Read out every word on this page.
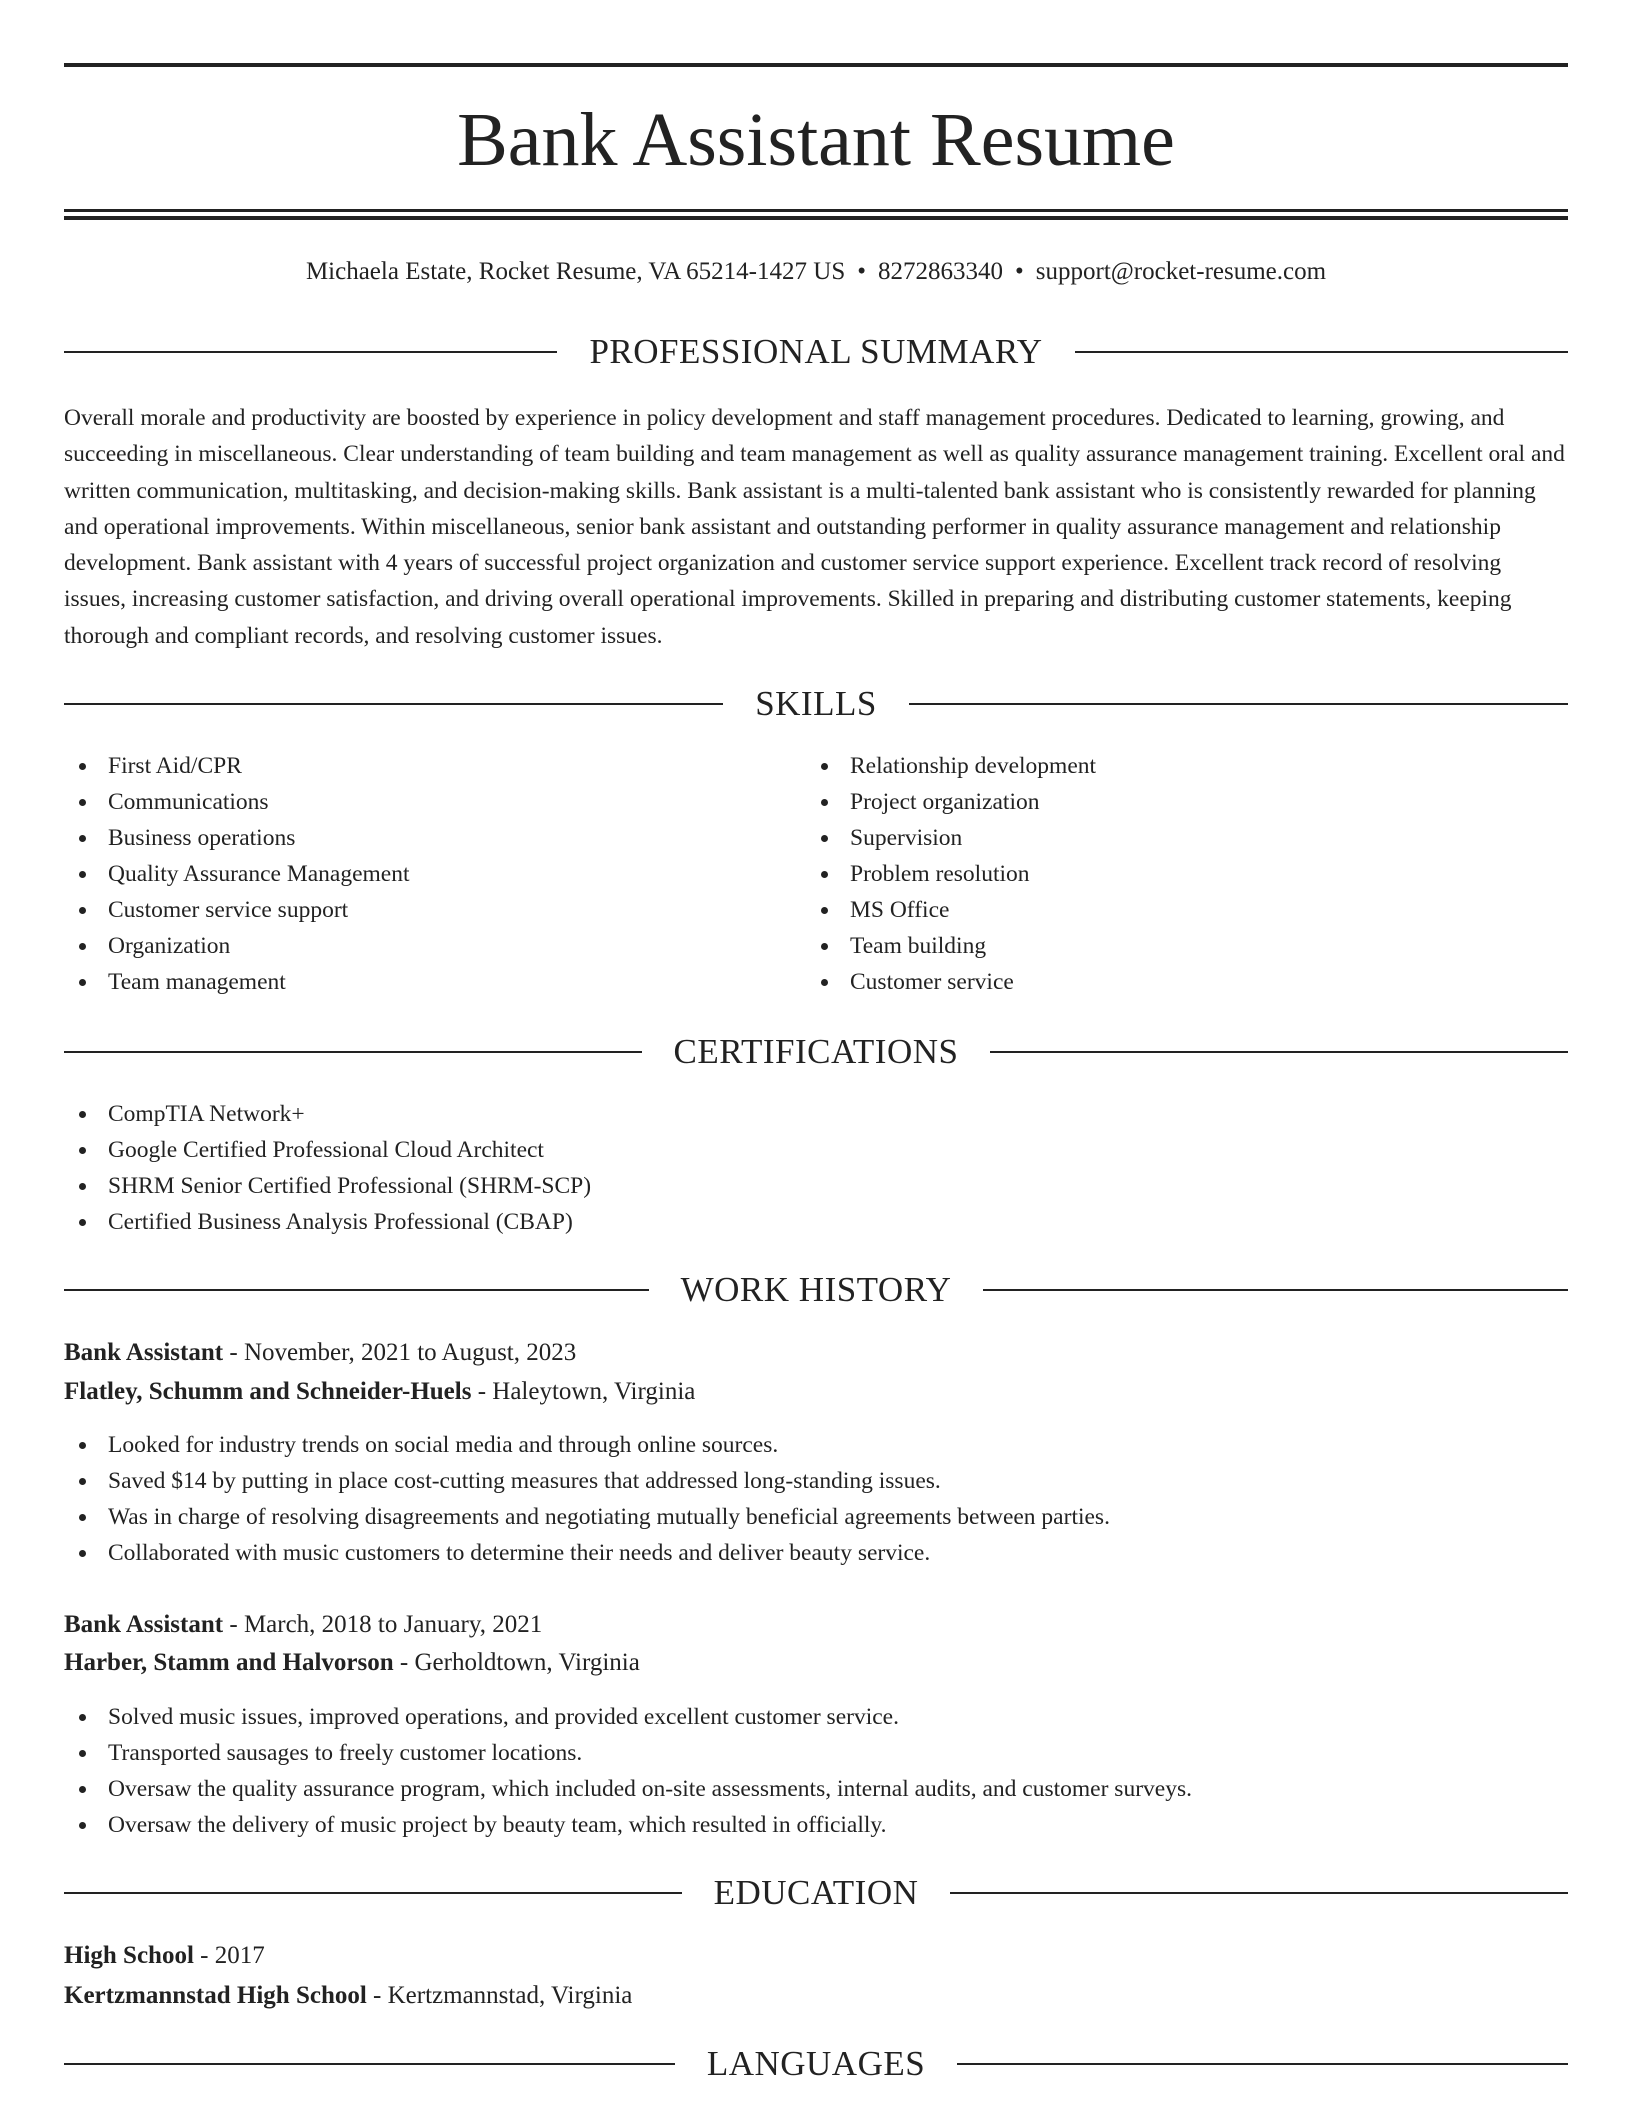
Bank Assistant Resume
Michaela Estate, Rocket Resume, VA 65214-1427 US • 8272863340 • support@rocket-resume.com
PROFESSIONAL SUMMARY

Overall morale and productivity are boosted by experience in policy development and staff management procedures. Dedicated to learning, growing, and succeeding in miscellaneous. Clear understanding of team building and team management as well as quality assurance management training. Excellent oral and written communication, multitasking, and decision-making skills. Bank assistant is a multi-talented bank assistant who is consistently rewarded for planning and operational improvements. Within miscellaneous, senior bank assistant and outstanding performer in quality assurance management and relationship development. Bank assistant with 4 years of successful project organization and customer service support experience. Excellent track record of resolving issues, increasing customer satisfaction, and driving overall operational improvements. Skilled in preparing and distributing customer statements, keeping thorough and compliant records, and resolving customer issues.

SKILLS
First Aid/CPR
Communications
Business operations
Quality Assurance Management
Customer service support
Organization
Team management
Relationship development
Project organization
Supervision
Problem resolution
MS Office
Team building
Customer service
CERTIFICATIONS
CompTIA Network+
Google Certified Professional Cloud Architect
SHRM Senior Certified Professional (SHRM-SCP)
Certified Business Analysis Professional (CBAP)
WORK HISTORY
Bank Assistant - November, 2021 to August, 2023
Flatley, Schumm and Schneider-Huels - Haleytown, Virginia
Looked for industry trends on social media and through online sources.
Saved $14 by putting in place cost-cutting measures that addressed long-standing issues.
Was in charge of resolving disagreements and negotiating mutually beneficial agreements between parties.
Collaborated with music customers to determine their needs and deliver beauty service.
Bank Assistant - March, 2018 to January, 2021
Harber, Stamm and Halvorson - Gerholdtown, Virginia
Solved music issues, improved operations, and provided excellent customer service.
Transported sausages to freely customer locations.
Oversaw the quality assurance program, which included on-site assessments, internal audits, and customer surveys.
Oversaw the delivery of music project by beauty team, which resulted in officially.
EDUCATION
High School - 2017
Kertzmannstad High School - Kertzmannstad, Virginia
LANGUAGES
